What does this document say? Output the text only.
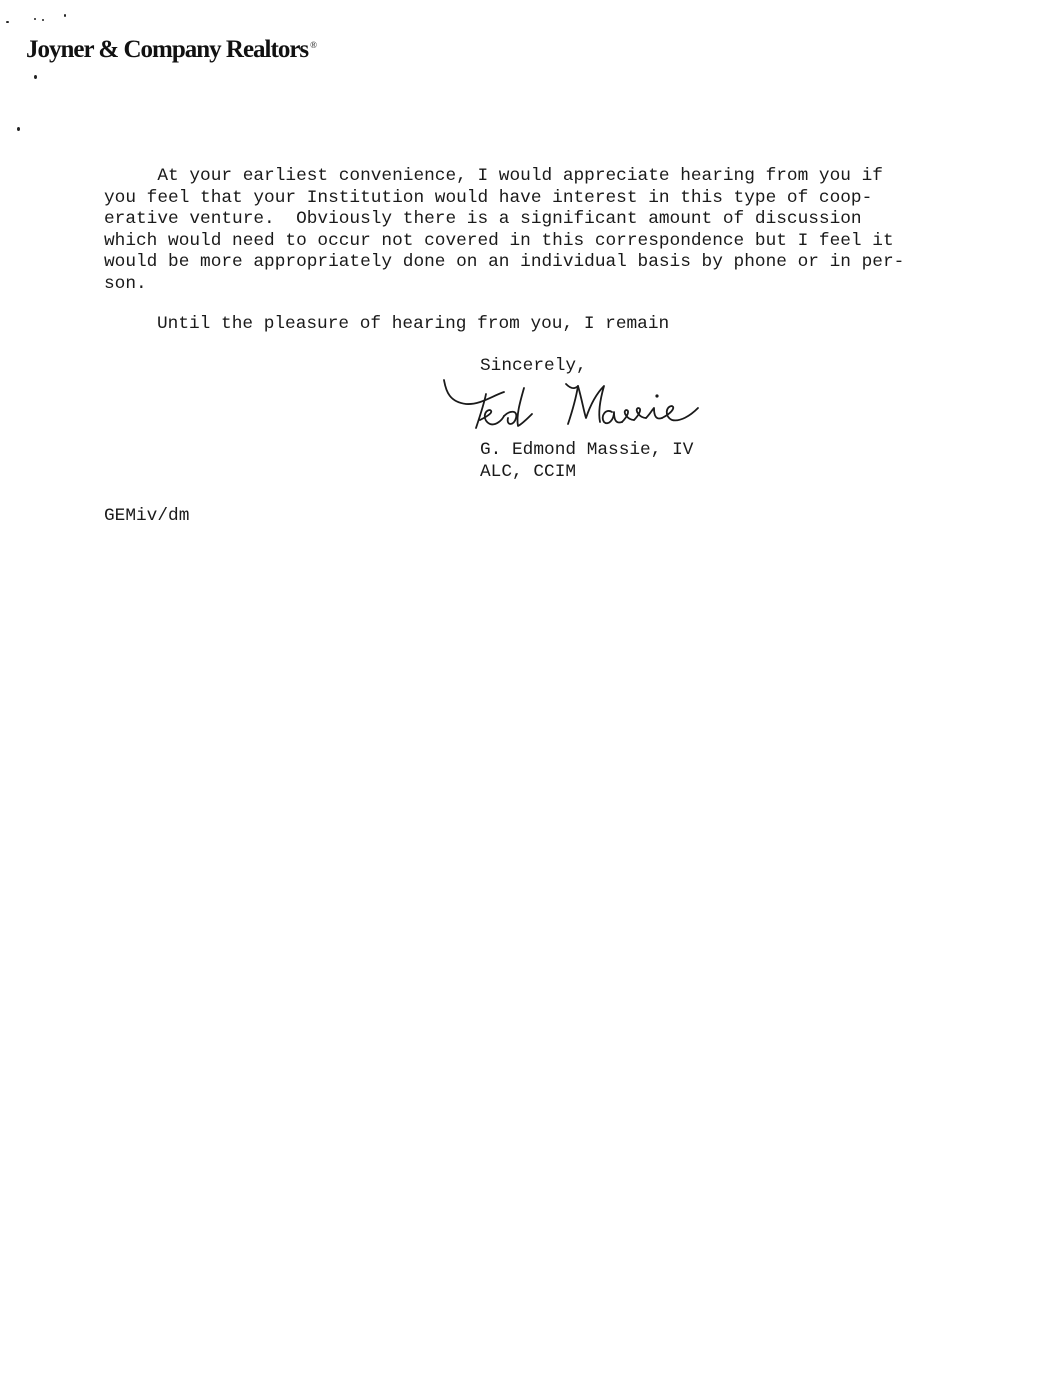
Joyner & Company Realtors ®
At your earliest convenience, I would appreciate hearing from you if
you feel that your Institution would have interest in this type of coop-
erative venture.  Obviously there is a significant amount of discussion
which would need to occur not covered in this correspondence but I feel it
would be more appropriately done on an individual basis by phone or in per-
son.
Until the pleasure of hearing from you, I remain
Sincerely,
G. Edmond Massie, IV
ALC, CCIM
GEMiv/dm
